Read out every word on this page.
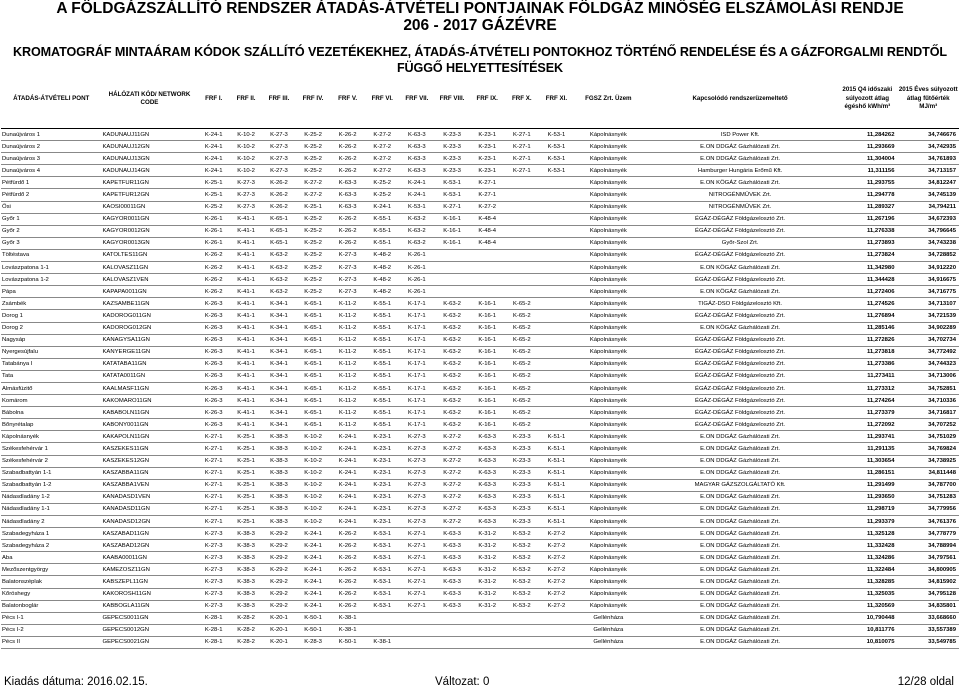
A FÖLDGÁZSZÁLLÍTÓ RENDSZER ÁTADÁS-ÁTVÉTELI PONTJAINAK FÖLDGÁZ MINŐSÉG ELSZÁMOLÁSI RENDJE
206 - 2017 GÁZÉVRE
KROMATOGRÁF MINTAÁRAM KÓDOK SZÁLLÍTÓ VEZETÉKEKHEZ, ÁTADÁS-ÁTVÉTELI PONTOKHOZ TÖRTÉNŐ RENDELÉSE ÉS A GÁZFORGALMI RENDTŐL FÜGGŐ HELYETTESÍTÉSEK
ÁTADÁS-ÁTVÉTELI PONT	HÁLÓZATI KÓD/ NETWORK CODE	FRF I.	FRF II.	FRF III.	FRF IV.	FRF V.	FRF VI.	FRF VII.	FRF VIII.	FRF IX.	FRF X.	FRF XI.	FGSZ Zrt. Üzem	Kapcsolódó rendszerüzemeltető	2015 Q4 időszaki súlyozott átlag égéshő kWh/m³	2015 Éves súlyozott átlag fűtőérték MJ/m³
Dunaújváros 1	KADUNAUJ11GN	K-24-1	K-10-2	K-27-3	K-25-2	K-26-2	K-27-2	K-63-3	K-23-3	K-23-1	K-27-1	K-53-1	Kápolnásnyék	ISD Power Kft.	11,284262	34,746676
Dunaújváros 2	KADUNAUJ12GN	K-24-1	K-10-2	K-27-3	K-25-2	K-26-2	K-27-2	K-63-3	K-23-3	K-23-1	K-27-1	K-53-1	Kápolnásnyék	E.ON DDGÁZ Gázhálózati Zrt.	11,293669	34,742935
Dunaújváros 3	KADUNAUJ13GN	K-24-1	K-10-2	K-27-3	K-25-2	K-26-2	K-27-2	K-63-3	K-23-3	K-23-1	K-27-1	K-53-1	Kápolnásnyék	E.ON DDGÁZ Gázhálózati Zrt.	11,304004	34,761893
Dunaújváros 4	KADUNAUJ14GN	K-24-1	K-10-2	K-27-3	K-25-2	K-26-2	K-27-2	K-63-3	K-23-3	K-23-1	K-27-1	K-53-1	Kápolnásnyék	Hamburger Hungária Erőmű Kft.	11,311156	34,713157
Pétfürdő 1	KAPETFUR11GN	K-25-1	K-27-3	K-26-2	K-27-2	K-63-3	K-25-2	K-24-1	K-53-1	K-27-1			Kápolnásnyék	E.ON KÖGÁZ Gázhálózati Zrt.	11,293755	34,812247
Pétfürdő 2	KAPETFUR12GN	K-25-1	K-27-3	K-26-2	K-27-2	K-63-3	K-25-2	K-24-1	K-53-1	K-27-1			Kápolnásnyék	NITROGÉNMŰVEK Zrt.	11,294778	34,745139
Ősi	KAOSI00011GN	K-25-2	K-27-3	K-26-2	K-25-1	K-63-3	K-24-1	K-53-1	K-27-1	K-27-2			Kápolnásnyék	NITROGÉNMŰVEK Zrt.	11,289327	34,794211
Győr 1	KAGYOR0011GN	K-26-1	K-41-1	K-65-1	K-25-2	K-26-2	K-55-1	K-63-2	K-16-1	K-48-4			Kápolnásnyék	ÉGÁZ-DÉGÁZ Földgázelosztó Zrt.	11,267196	34,672393
Győr 2	KAGYOR0012GN	K-26-1	K-41-1	K-65-1	K-25-2	K-26-2	K-55-1	K-63-2	K-16-1	K-48-4			Kápolnásnyék	ÉGÁZ-DÉGÁZ Földgázelosztó Zrt.	11,276338	34,796645
Győr 3	KAGYOR0013GN	K-26-1	K-41-1	K-65-1	K-25-2	K-26-2	K-55-1	K-63-2	K-16-1	K-48-4			Kápolnásnyék	Győr-Szol Zrt.	11,273893	34,743238
Töltéstava	KATOLTES11GN	K-26-2	K-41-1	K-63-2	K-25-2	K-27-3	K-48-2	K-26-1					Kápolnásnyék	ÉGÁZ-DÉGÁZ Földgázelosztó Zrt.	11,273824	34,728852
Lovászpatona 1-1	KALOVASZ11GN	K-26-2	K-41-1	K-63-2	K-25-2	K-27-3	K-48-2	K-26-1					Kápolnásnyék	E.ON KÖGÁZ Gázhálózati Zrt.	11,342980	34,912220
Lovászpatona 1-2	KALOVASZ1VEN	K-26-2	K-41-1	K-63-2	K-25-2	K-27-3	K-48-2	K-26-1					Kápolnásnyék	ÉGÁZ-DÉGÁZ Földgázelosztó Zrt.	11,344428	34,916675
Pápa	KAPAPA0011GN	K-26-2	K-41-1	K-63-2	K-25-2	K-27-3	K-48-2	K-26-1					Kápolnásnyék	E.ON KÖGÁZ Gázhálózati Zrt.	11,272406	34,716775
Zsámbék	KAZSAMBE11GN	K-26-3	K-41-1	K-34-1	K-65-1	K-11-2	K-55-1	K-17-1	K-63-2	K-16-1	K-65-2		Kápolnásnyék	TIGÁZ-DSO Földgázelosztó Kft.	11,274526	34,713107
Dorog 1	KADOROG011GN	K-26-3	K-41-1	K-34-1	K-65-1	K-11-2	K-55-1	K-17-1	K-63-2	K-16-1	K-65-2		Kápolnásnyék	ÉGÁZ-DÉGÁZ Földgázelosztó Zrt.	11,276894	34,721539
Dorog 2	KADOROG012GN	K-26-3	K-41-1	K-34-1	K-65-1	K-11-2	K-55-1	K-17-1	K-63-2	K-16-1	K-65-2		Kápolnásnyék	E.ON KÖGÁZ Gázhálózati Zrt.	11,285146	34,902289
Nagysáp	KANAGYSA11GN	K-26-3	K-41-1	K-34-1	K-65-1	K-11-2	K-55-1	K-17-1	K-63-2	K-16-1	K-65-2		Kápolnásnyék	ÉGÁZ-DÉGÁZ Földgázelosztó Zrt.	11,272826	34,702734
Nyergesújfalu	KANYERGE11GN	K-26-3	K-41-1	K-34-1	K-65-1	K-11-2	K-55-1	K-17-1	K-63-2	K-16-1	K-65-2		Kápolnásnyék	ÉGÁZ-DÉGÁZ Földgázelosztó Zrt.	11,273818	34,772492
Tatabánya I	KATATABA11GN	K-26-3	K-41-1	K-34-1	K-65-1	K-11-2	K-55-1	K-17-1	K-63-2	K-16-1	K-65-2		Kápolnásnyék	ÉGÁZ-DÉGÁZ Földgázelosztó Zrt.	11,273386	34,744323
Tata	KATATA0011GN	K-26-3	K-41-1	K-34-1	K-65-1	K-11-2	K-55-1	K-17-1	K-63-2	K-16-1	K-65-2		Kápolnásnyék	ÉGÁZ-DÉGÁZ Földgázelosztó Zrt.	11,273411	34,713006
Almásfüzitő	KAALMASF11GN	K-26-3	K-41-1	K-34-1	K-65-1	K-11-2	K-55-1	K-17-1	K-63-2	K-16-1	K-65-2		Kápolnásnyék	ÉGÁZ-DÉGÁZ Földgázelosztó Zrt.	11,273312	34,752851
Komárom	KAKOMARO11GN	K-26-3	K-41-1	K-34-1	K-65-1	K-11-2	K-55-1	K-17-1	K-63-2	K-16-1	K-65-2		Kápolnásnyék	ÉGÁZ-DÉGÁZ Földgázelosztó Zrt.	11,274264	34,710336
Bábolna	KABABOLN11GN	K-26-3	K-41-1	K-34-1	K-65-1	K-11-2	K-55-1	K-17-1	K-63-2	K-16-1	K-65-2		Kápolnásnyék	ÉGÁZ-DÉGÁZ Földgázelosztó Zrt.	11,273379	34,716817
Bőnyrétalap	KABONY0011GN	K-26-3	K-41-1	K-34-1	K-65-1	K-11-2	K-55-1	K-17-1	K-63-2	K-16-1	K-65-2		Kápolnásnyék	ÉGÁZ-DÉGÁZ Földgázelosztó Zrt.	11,272092	34,707252
Kápolnásnyék	KAKAPOLN11GN	K-27-1	K-25-1	K-38-3	K-10-2	K-24-1	K-23-1	K-27-3	K-27-2	K-63-3	K-23-3	K-51-1	Kápolnásnyék	E.ON DDGÁZ Gázhálózati Zrt.	11,293741	34,751029
Székesfehérvár 1	KASZEKES11GN	K-27-1	K-25-1	K-38-3	K-10-2	K-24-1	K-23-1	K-27-3	K-27-2	K-63-3	K-23-3	K-51-1	Kápolnásnyék	E.ON DDGÁZ Gázhálózati Zrt.	11,291135	34,769824
Székesfehérvár 2	KASZEKES12GN	K-27-1	K-25-1	K-38-3	K-10-2	K-24-1	K-23-1	K-27-3	K-27-2	K-63-3	K-23-3	K-51-1	Kápolnásnyék	E.ON DDGÁZ Gázhálózati Zrt.	11,303654	34,738925
Szabadbattyán 1-1	KASZABBA11GN	K-27-1	K-25-1	K-38-3	K-10-2	K-24-1	K-23-1	K-27-3	K-27-2	K-63-3	K-23-3	K-51-1	Kápolnásnyék	E.ON DDGÁZ Gázhálózati Zrt.	11,286151	34,811448
Szabadbattyán 1-2	KASZABBA1VEN	K-27-1	K-25-1	K-38-3	K-10-2	K-24-1	K-23-1	K-27-3	K-27-2	K-63-3	K-23-3	K-51-1	Kápolnásnyék	MAGYAR GÁZSZOLGÁLTATÓ Kft.	11,291499	34,787700
Nádasdladány 1-2	KANADASD1VEN	K-27-1	K-25-1	K-38-3	K-10-2	K-24-1	K-23-1	K-27-3	K-27-2	K-63-3	K-23-3	K-51-1	Kápolnásnyék	E.ON DDGÁZ Gázhálózati Zrt.	11,293650	34,751283
Nádasdladány 1-1	KANADASD11GN	K-27-1	K-25-1	K-38-3	K-10-2	K-24-1	K-23-1	K-27-3	K-27-2	K-63-3	K-23-3	K-51-1	Kápolnásnyék	E.ON DDGÁZ Gázhálózati Zrt.	11,298719	34,779956
Nádasdladány 2	KANADASD12GN	K-27-1	K-25-1	K-38-3	K-10-2	K-24-1	K-23-1	K-27-3	K-27-2	K-63-3	K-23-3	K-51-1	Kápolnásnyék	E.ON DDGÁZ Gázhálózati Zrt.	11,293379	34,761376
Szabadegyháza 1	KASZABAD11GN	K-27-3	K-38-3	K-29-2	K-24-1	K-26-2	K-53-1	K-27-1	K-63-3	K-31-2	K-53-2	K-27-2	Kápolnásnyék	E.ON DDGÁZ Gázhálózati Zrt.	11,325128	34,778779
Szabadegyháza 2	KASZABAD12GN	K-27-3	K-38-3	K-29-2	K-24-1	K-26-2	K-53-1	K-27-1	K-63-3	K-31-2	K-53-2	K-27-2	Kápolnásnyék	E.ON DDGÁZ Gázhálózati Zrt.	11,332428	34,788994
Aba	KAABA00011GN	K-27-3	K-38-3	K-29-2	K-24-1	K-26-2	K-53-1	K-27-1	K-63-3	K-31-2	K-53-2	K-27-2	Kápolnásnyék	E.ON DDGÁZ Gázhálózati Zrt.	11,324286	34,797561
Mezőszentgyörgy	KAMEZOSZ11GN	K-27-3	K-38-3	K-29-2	K-24-1	K-26-2	K-53-1	K-27-1	K-63-3	K-31-2	K-53-2	K-27-2	Kápolnásnyék	E.ON DDGÁZ Gázhálózati Zrt.	11,322484	34,800905
Balatonszéplak	KABSZEPL11GN	K-27-3	K-38-3	K-29-2	K-24-1	K-26-2	K-53-1	K-27-1	K-63-3	K-31-2	K-53-2	K-27-2	Kápolnásnyék	E.ON DDGÁZ Gázhálózati Zrt.	11,328285	34,815902
Kőröshegy	KAKOROSH11GN	K-27-3	K-38-3	K-29-2	K-24-1	K-26-2	K-53-1	K-27-1	K-63-3	K-31-2	K-53-2	K-27-2	Kápolnásnyék	E.ON DDGÁZ Gázhálózati Zrt.	11,325035	34,795128
Balatonboglár	KABBOGLA11GN	K-27-3	K-38-3	K-29-2	K-24-1	K-26-2	K-53-1	K-27-1	K-63-3	K-31-2	K-53-2	K-27-2	Kápolnásnyék	E.ON DDGÁZ Gázhálózati Zrt.	11,320569	34,835801
Pécs I-1	GEPECS0011GN	K-28-1	K-28-2	K-20-1	K-50-1	K-38-1							Gellénháza	E.ON DDGÁZ Gázhálózati Zrt.	10,790448	33,668660
Pécs I-2	GEPECS0012GN	K-28-1	K-28-2	K-20-1	K-50-1	K-38-1							Gellénháza	E.ON DDGÁZ Gázhálózati Zrt.	10,811776	33,557389
Pécs II	GEPECS0021GN	K-28-1	K-28-2	K-20-1	K-28-3	K-50-1	K-38-1						Gellénháza	E.ON DDGÁZ Gázhálózati Zrt.	10,810075	33,549785
Kiadás dátuma: 2016.02.15.	Változat: 0	12/28 oldal
